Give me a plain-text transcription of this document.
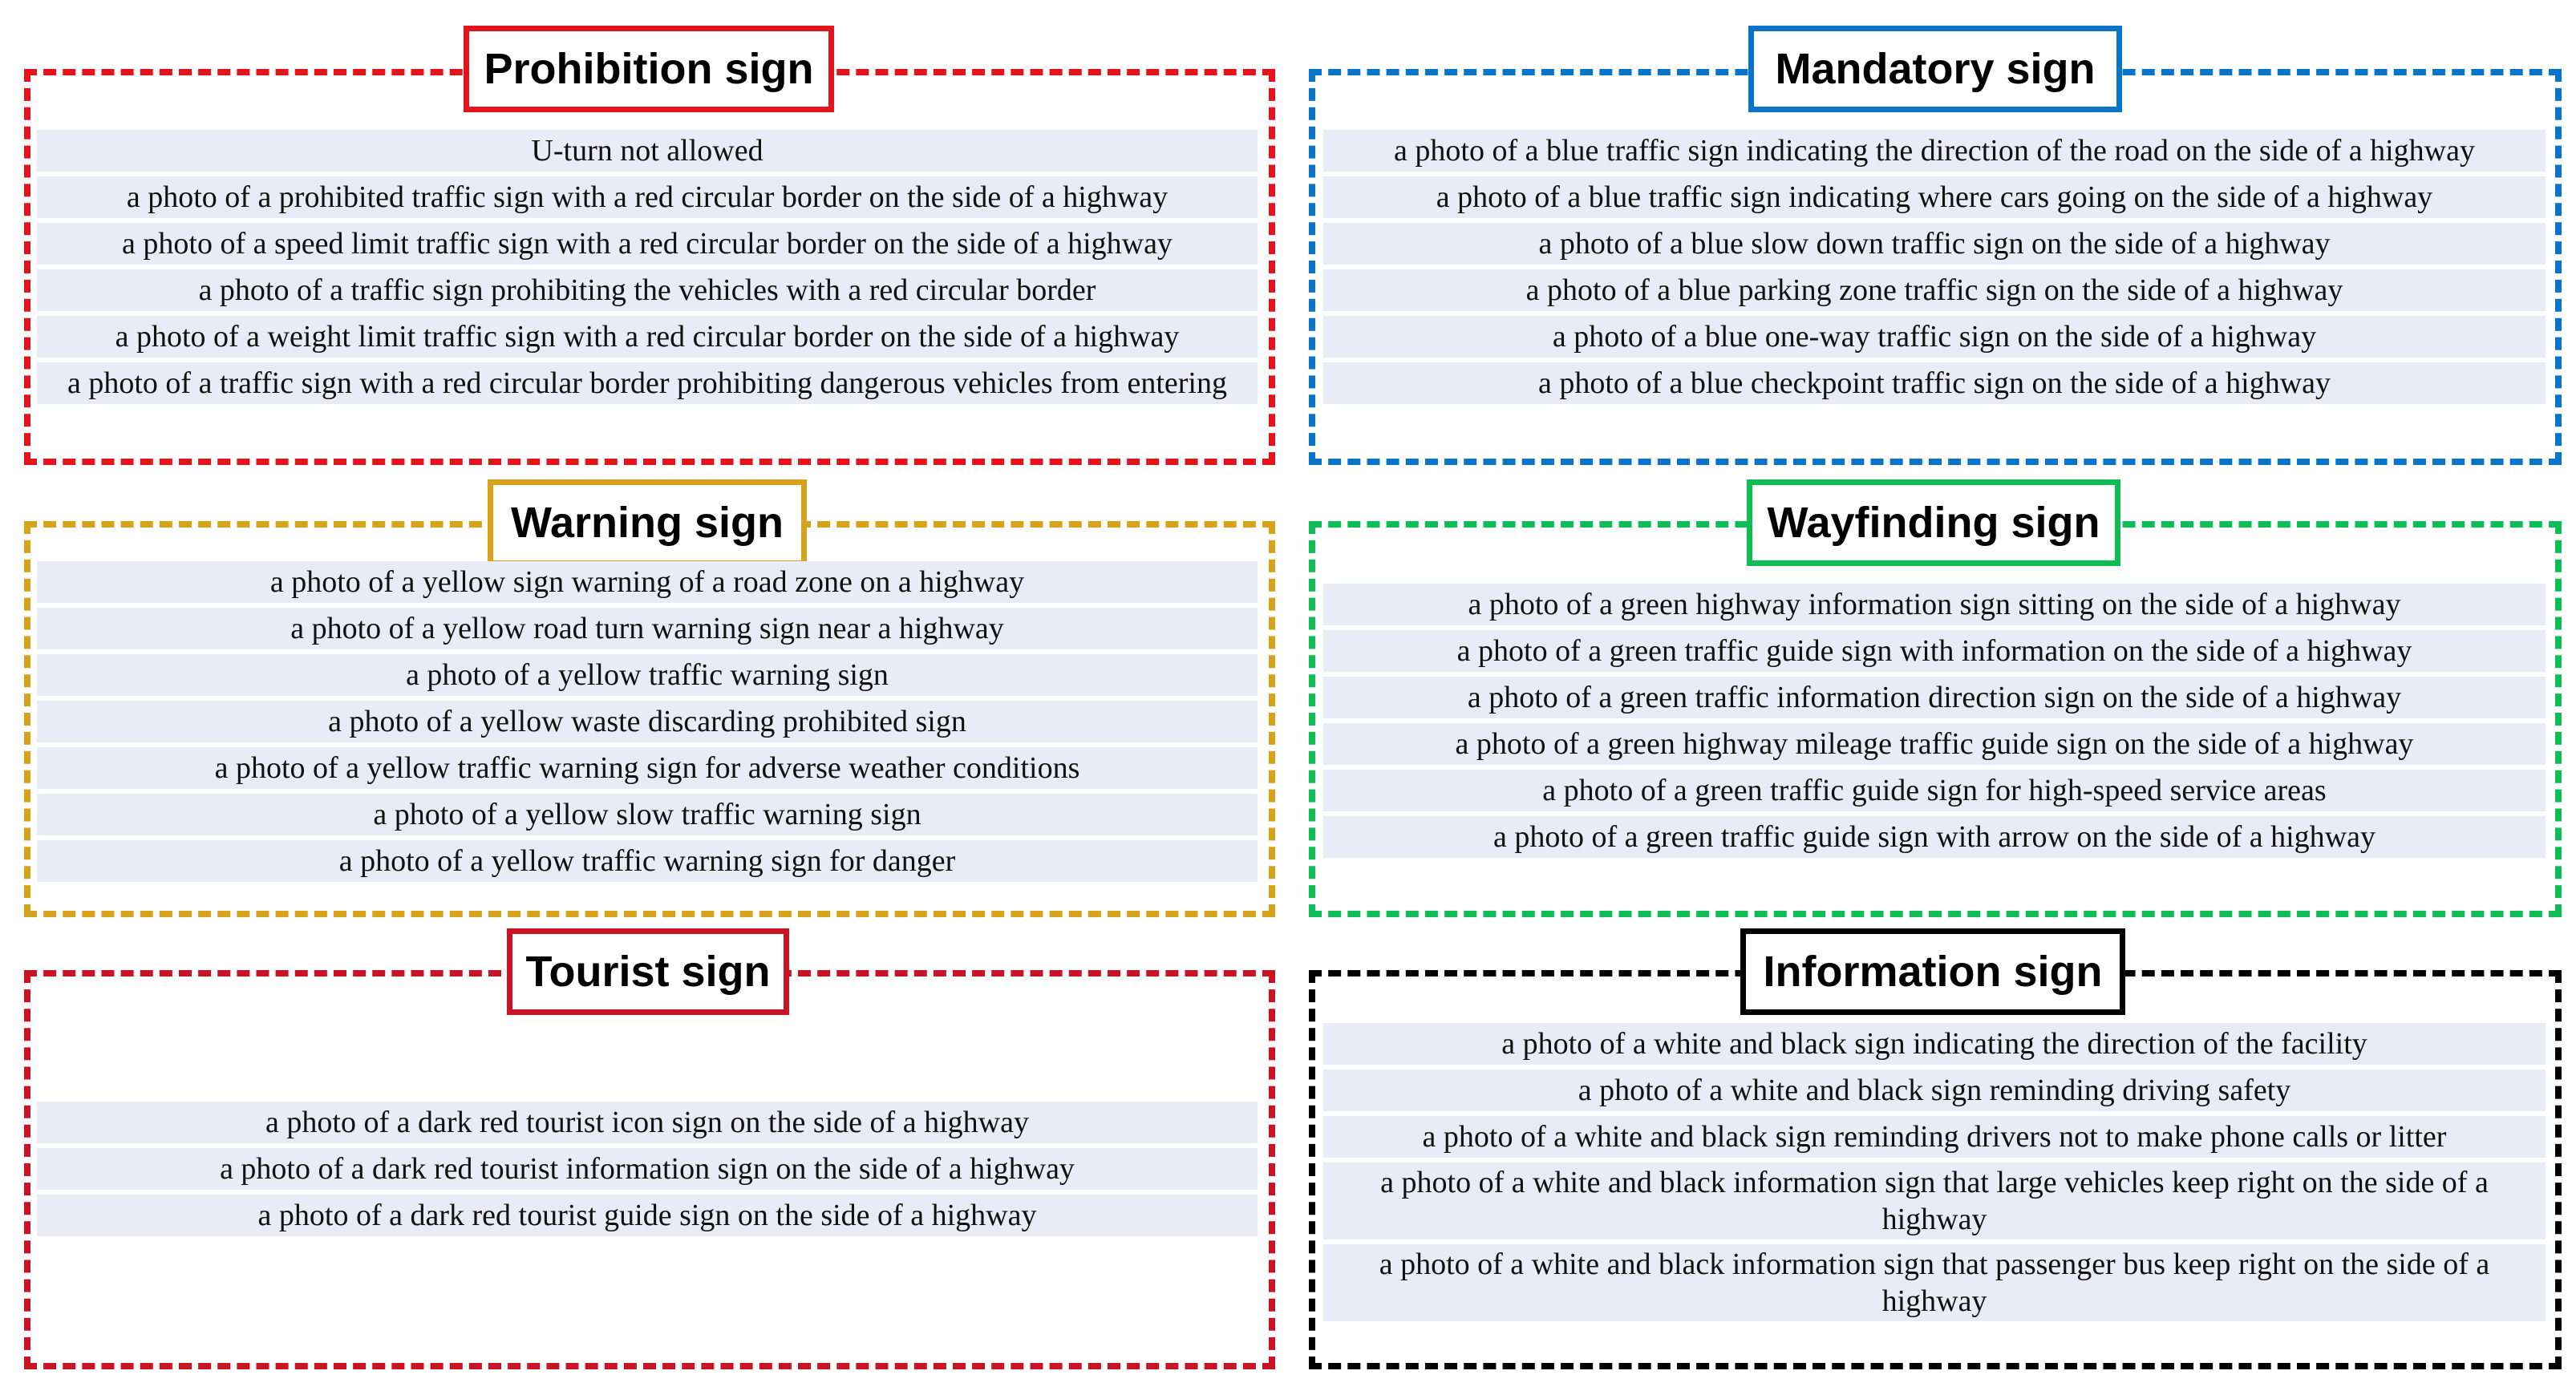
Prohibition sign
U-turn not allowed
a photo of a prohibited traffic sign with a red circular border on the side of a highway
a photo of a speed limit traffic sign with a red circular border on the side of a highway
a photo of a traffic sign prohibiting the vehicles with a red circular border
a photo of a weight limit traffic sign with a red circular border on the side of a highway
a photo of a traffic sign with a red circular border prohibiting dangerous vehicles from entering
Mandatory sign
a photo of a blue traffic sign indicating the direction of the road on the side of a highway
a photo of a blue traffic sign indicating where cars going on the side of a highway
a photo of a blue slow down traffic sign on the side of a highway
a photo of a blue parking zone traffic sign on the side of a highway
a photo of a blue one-way traffic sign on the side of a highway
a photo of a blue checkpoint traffic sign on the side of a highway
Warning sign
a photo of a yellow sign warning of a road zone on a highway
a photo of a yellow road turn warning sign near a highway
a photo of a yellow traffic warning sign
a photo of a yellow waste discarding prohibited sign
a photo of a yellow traffic warning sign for adverse weather conditions
a photo of a yellow slow traffic warning sign
a photo of a yellow traffic warning sign for danger
Wayfinding sign
a photo of a green highway information sign sitting on the side of a highway
a photo of a green traffic guide sign with information on the side of a highway
a photo of a green traffic information direction sign on the side of a highway
a photo of a green highway mileage traffic guide sign on the side of a highway
a photo of a green traffic guide sign for high-speed service areas
a photo of a green traffic guide sign with arrow on the side of a highway
Tourist sign
a photo of a dark red tourist icon sign on the side of a highway
a photo of a dark red tourist information sign on the side of a highway
a photo of a dark red tourist guide sign on the side of a highway
Information sign
a photo of a white and black sign indicating the direction of the facility
a photo of a white and black sign reminding driving safety
a photo of a white and black sign reminding drivers not to make phone calls or litter
a photo of a white and black information sign that large vehicles keep right on the side of a highway
a photo of a white and black information sign that passenger bus keep right on the side of a highway
